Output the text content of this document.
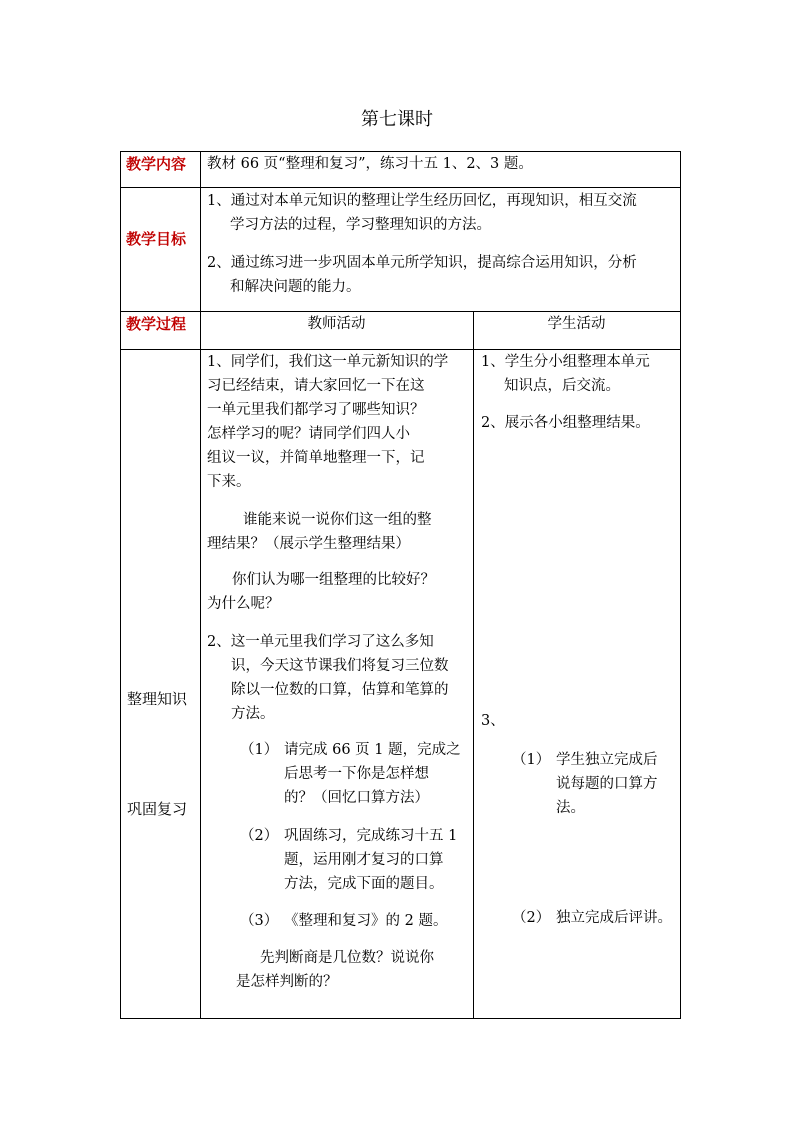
第七课时
教学内容 教材 66 页“整理和复习”，练习十五 1、2、3 题。
教学目标
1、通过对本单元知识的整理让学生经历回忆，再现知识，相互交流
学习方法的过程，学习整理知识的方法。
2、通过练习进一步巩固本单元所学知识，提高综合运用知识，分析
和解决问题的能力。
教学过程	教师活动	学生活动
整理知识
巩固复习
1、同学们，我们这一单元新知识的学
习已经结束，请大家回忆一下在这
一单元里我们都学习了哪些知识？
怎样学习的呢？请同学们四人小
组议一议，并简单地整理一下，记
下来。
谁能来说一说你们这一组的整
理结果？（展示学生整理结果）
你们认为哪一组整理的比较好？
为什么呢？
2、这一单元里我们学习了这么多知
识，今天这节课我们将复习三位数
除以一位数的口算，估算和笔算的
方法。
（1） 请完成 66 页 1 题，完成之
后思考一下你是怎样想
的？（回忆口算方法）
（2） 巩固练习，完成练习十五 1
题，运用刚才复习的口算
方法，完成下面的题目。
（3） 《整理和复习》的 2 题。
先判断商是几位数？说说你
是怎样判断的？
1、学生分小组整理本单元
知识点，后交流。
2、展示各小组整理结果。
3、
（1） 学生独立完成后
说每题的口算方
法。
（2） 独立完成后评讲。
